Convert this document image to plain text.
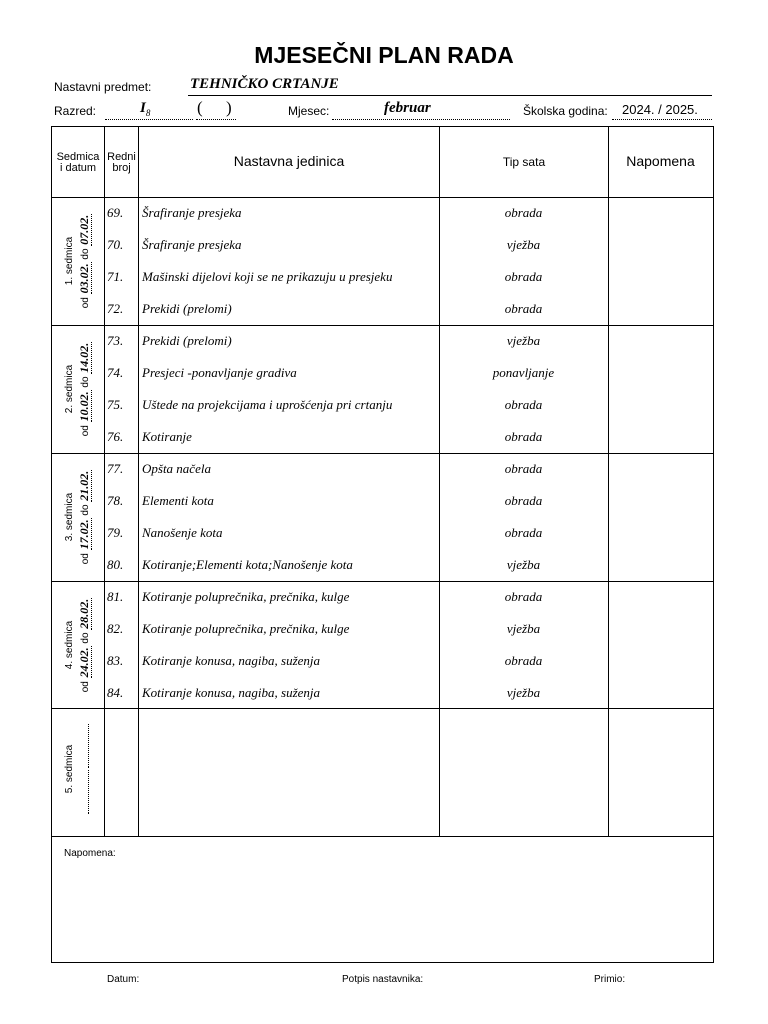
MJESEČNI PLAN RADA
Nastavni predmet:	TEHNIČKO CRTANJE
Razred:	$I_8$	( )	Mjesec:	februar	Školska godina: 2024. / 2025.
Sedmica
i datum
Redni
broj	Nastavna jedinica	Tip sata	Napomena
1. sedmica
od 03.02. do 07.02.
69. Šrafiranje presjeka	obrada
70. Šrafiranje presjeka	vježba
71. Mašinski dijelovi koji se ne prikazuju u presjeku	obrada
72. Prekidi (prelomi)	obrada
2. sedmica
od 10.02. do 14.02.
73. Prekidi (prelomi)	vježba
74. Presjeci -ponavljanje gradiva	ponavljanje
75. Uštede na projekcijama i uprošćenja pri crtanju	obrada
76. Kotiranje	obrada
3. sedmica
od 17.02. do 21.02.
77. Opšta načela	obrada
78. Elementi kota	obrada
79. Nanošenje kota	obrada
80. Kotiranje;Elementi kota;Nanošenje kota	vježba
4. sedmica
od 24.02. do 28.02.
81. Kotiranje poluprečnika, prečnika, kulge	obrada
82. Kotiranje poluprečnika, prečnika, kulge	vježba
83. Kotiranje konusa, nagiba, suženja	obrada
84. Kotiranje konusa, nagiba, suženja	vježba
5. sedmica

Napomena:
Datum:	Potpis nastavnika:	Primio:
